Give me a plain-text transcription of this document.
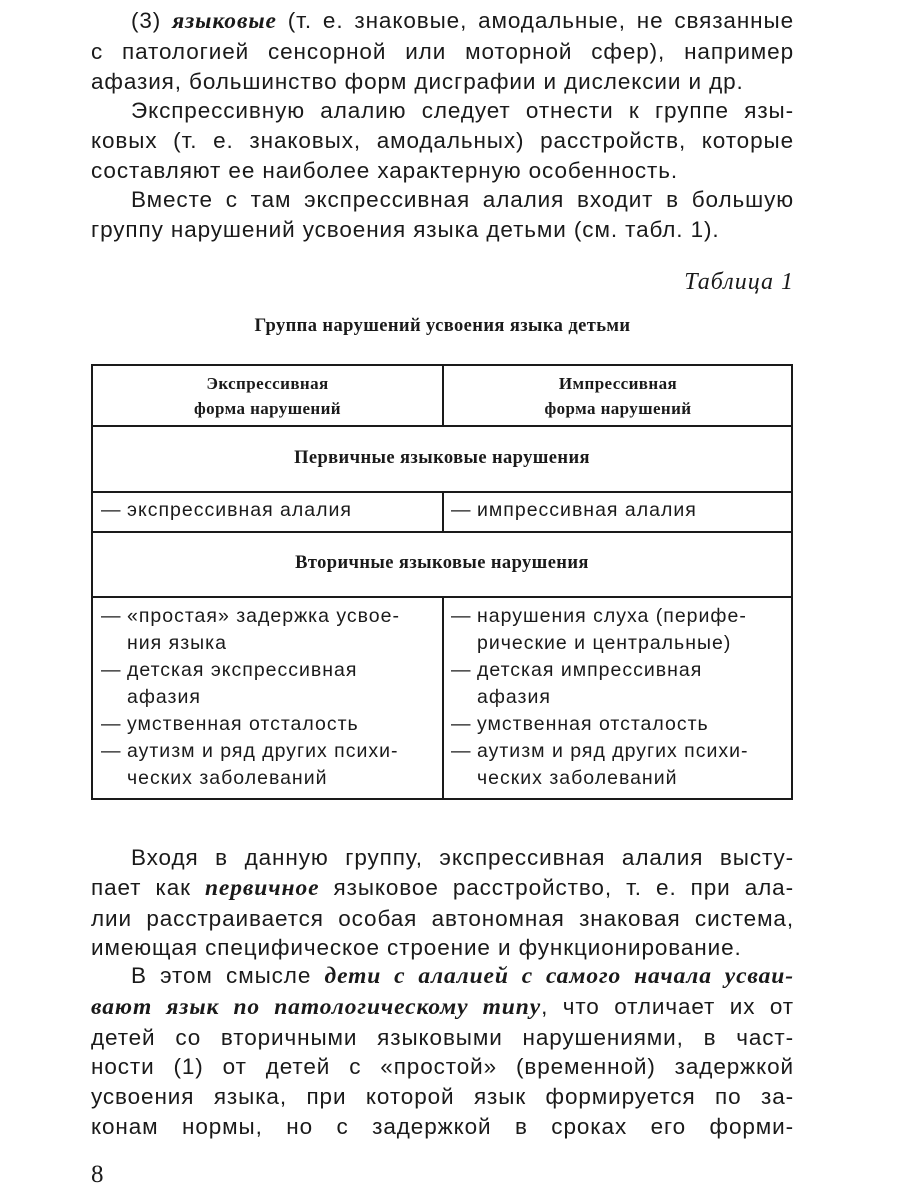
(3) языковые (т. е. знаковые, амодальные, не связанные
с патологией сенсорной или моторной сфер), например
афазия, большинство форм дисграфии и дислексии и др.
Экспрессивную алалию следует отнести к группе язы-
ковых (т. е. знаковых, амодальных) расстройств, которые
составляют ее наиболее характерную особенность.
Вместе с там экспрессивная алалия входит в большую
группу нарушений усвоения языка детьми (см. табл. 1).
Таблица 1
Группа нарушений усвоения языка детьми
Экспрессивная
форма нарушений
Импрессивная
форма нарушений
Первичные языковые нарушения
— экспрессивная алалия
—	импрессивная алалия
Вторичные языковые нарушения
— «простая» задержка усвое-
ния языка
— детская экспрессивная
афазия
— умственная отсталость
— аутизм и ряд других психи-
ческих заболеваний
— нарушения слуха (перифе-
рические и центральные)
— детская импрессивная
афазия
— умственная отсталость
— аутизм и ряд других психи-
ческих заболеваний
Входя в данную группу, экспрессивная алалия высту-
пает как первичное языковое расстройство, т. е. при ала-
лии расстраивается особая автономная знаковая система,
имеющая специфическое строение и функционирование.
В этом смысле дети с алалией с самого начала усваи-
вают язык по патологическому типу, что отличает их от
детей со вторичными языковыми нарушениями, в част-
ности (1) от детей с «простой» (временной) задержкой
усвоения языка, при которой язык формируется по за-
конам нормы, но с задержкой в сроках его форми-
8
